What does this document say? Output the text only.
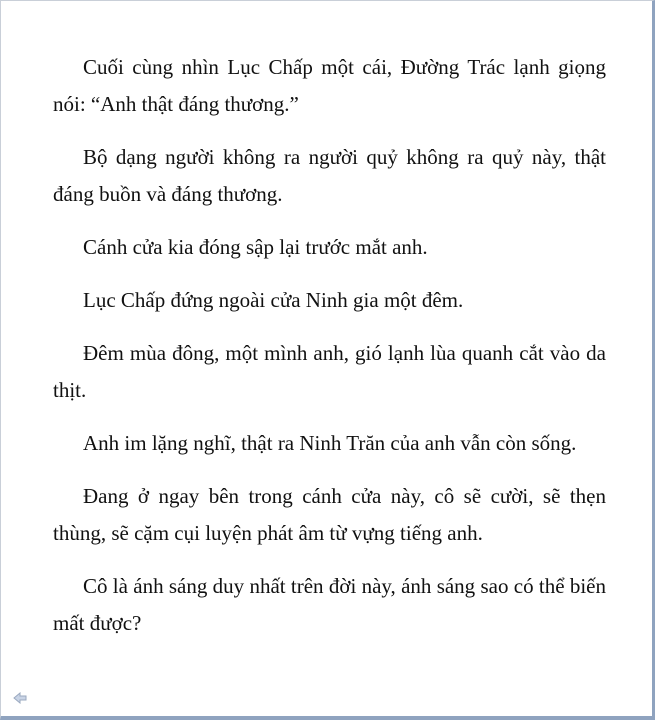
Cuối cùng nhìn Lục Chấp một cái, Đường Trác lạnh giọng nói: “Anh thật đáng thương.”

Bộ dạng người không ra người quỷ không ra quỷ này, thật đáng buồn và đáng thương.

Cánh cửa kia đóng sập lại trước mắt anh.

Lục Chấp đứng ngoài cửa Ninh gia một đêm.

Đêm mùa đông, một mình anh, gió lạnh lùa quanh cắt vào da thịt.

Anh im lặng nghĩ, thật ra Ninh Trăn của anh vẫn còn sống.

Đang ở ngay bên trong cánh cửa này, cô sẽ cười, sẽ thẹn thùng, sẽ cặm cụi luyện phát âm từ vựng tiếng anh.

Cô là ánh sáng duy nhất trên đời này, ánh sáng sao có thể biến mất được?
